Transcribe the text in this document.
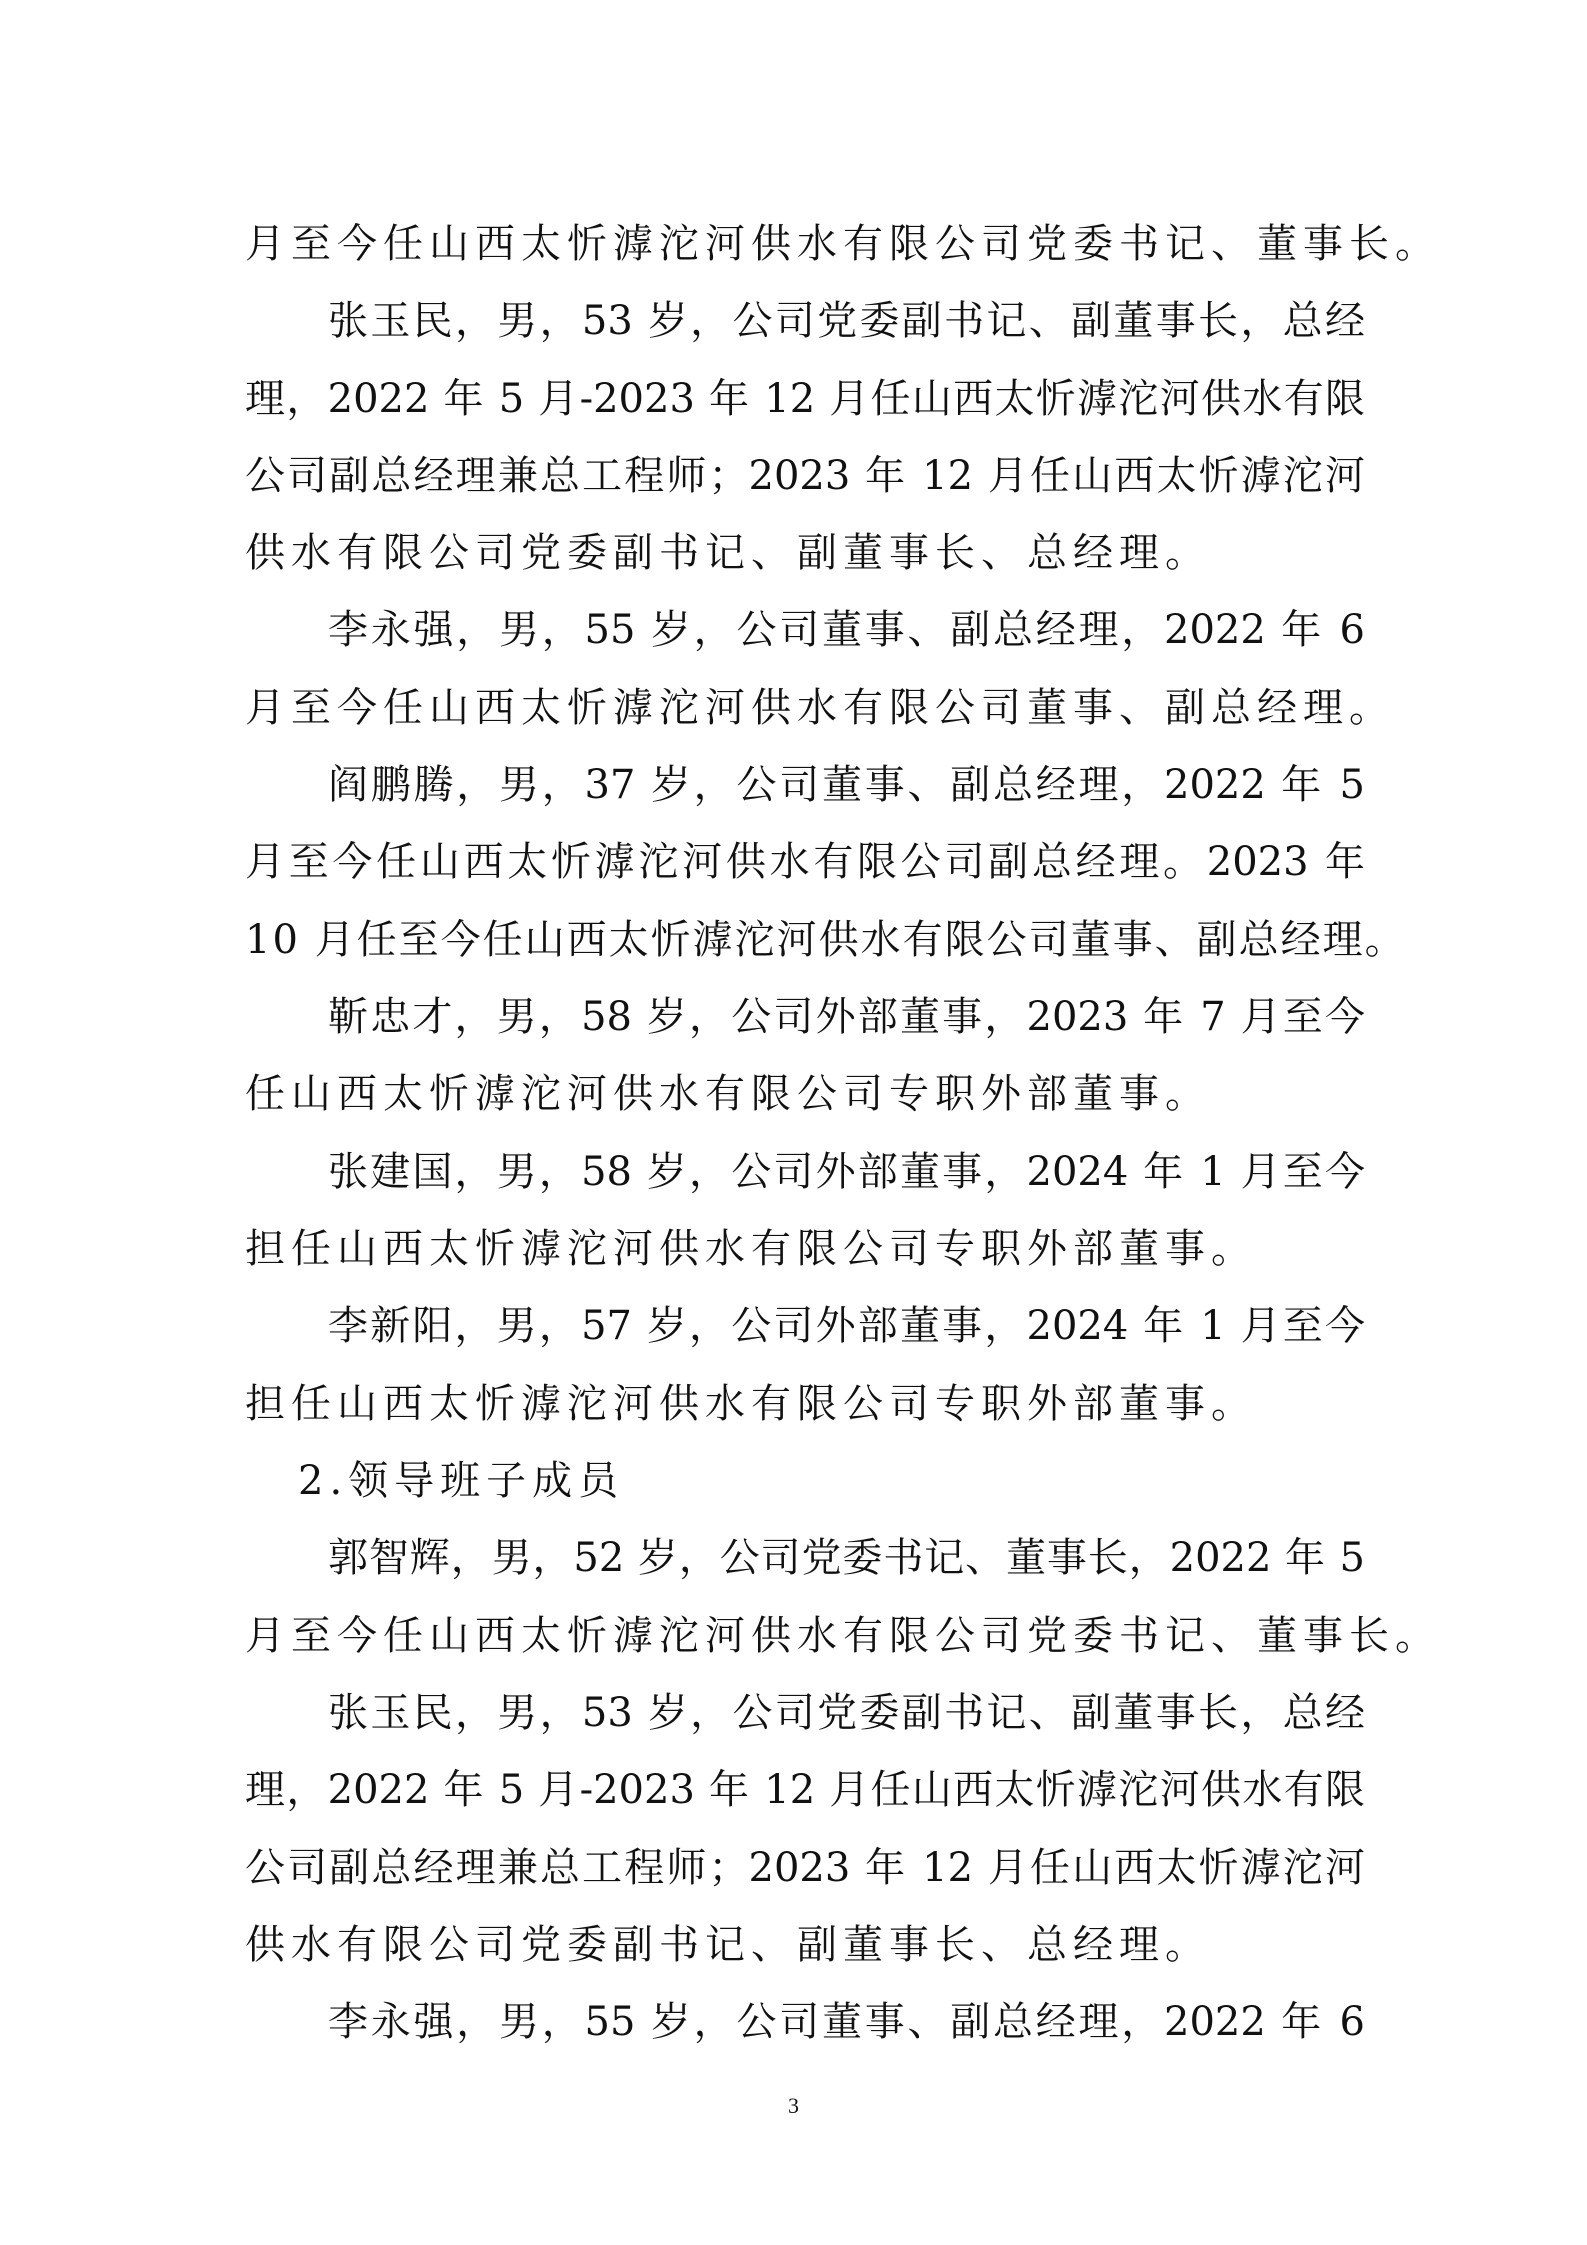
月至今任山西太忻滹沱河供水有限公司党委书记、董事长。
张玉民，男，53 岁，公司党委副书记、副董事长，总经
理，2022 年 5 月-2023 年 12 月任山西太忻滹沱河供水有限
公司副总经理兼总工程师；2023 年 12 月任山西太忻滹沱河
供水有限公司党委副书记、副董事长、总经理。
李永强，男，55 岁，公司董事、副总经理，2022 年 6
月至今任山西太忻滹沱河供水有限公司董事、副总经理。
阎鹏腾，男，37 岁，公司董事、副总经理，2022 年 5
月至今任山西太忻滹沱河供水有限公司副总经理。2023 年
10 月任至今任山西太忻滹沱河供水有限公司董事、副总经理。
靳忠才，男，58 岁，公司外部董事，2023 年 7 月至今
任山西太忻滹沱河供水有限公司专职外部董事。
张建国，男，58 岁，公司外部董事，2024 年 1 月至今
担任山西太忻滹沱河供水有限公司专职外部董事。
李新阳，男，57 岁，公司外部董事，2024 年 1 月至今
担任山西太忻滹沱河供水有限公司专职外部董事。
2.领导班子成员
郭智辉，男，52 岁，公司党委书记、董事长，2022 年 5
月至今任山西太忻滹沱河供水有限公司党委书记、董事长。
张玉民，男，53 岁，公司党委副书记、副董事长，总经
理，2022 年 5 月-2023 年 12 月任山西太忻滹沱河供水有限
公司副总经理兼总工程师；2023 年 12 月任山西太忻滹沱河
供水有限公司党委副书记、副董事长、总经理。
李永强，男，55 岁，公司董事、副总经理，2022 年 6
3
